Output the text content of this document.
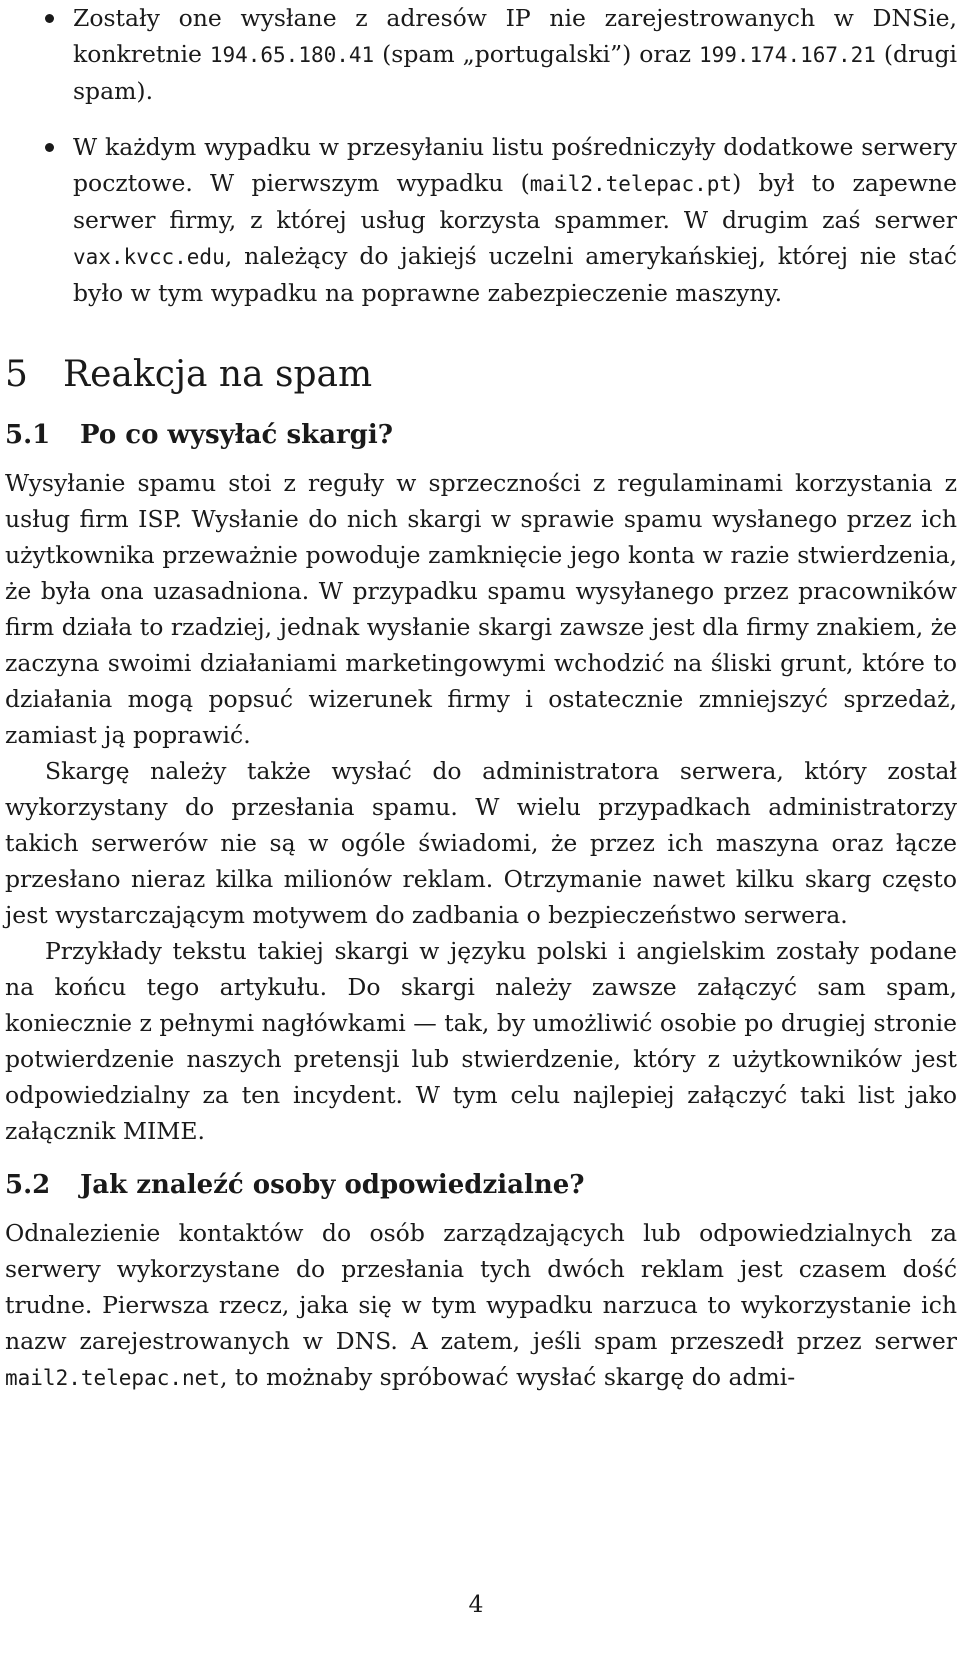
Zostały one wysłane z adresów IP nie zarejestrowanych w DNSie, konkretnie 194.65.180.41 (spam „portugalski”) oraz 199.174.167.21 (drugi spam).
W każdym wypadku w przesyłaniu listu pośredniczyły dodatkowe serwery pocztowe. W pierwszym wypadku (mail2.telepac.pt) był to zapewne serwer firmy, z której usług korzysta spammer. W drugim zaś serwer vax.kvcc.edu, należący do jakiejś uczelni amerykańskiej, której nie stać było w tym wypadku na poprawne zabezpieczenie maszyny.
5 Reakcja na spam
5.1 Po co wysyłać skargi?

Wysyłanie spamu stoi z reguły w sprzeczności z regulaminami korzystania z usług firm ISP. Wysłanie do nich skargi w sprawie spamu wysłanego przez ich użytkownika przeważnie powoduje zamknięcie jego konta w razie stwierdzenia, że była ona uzasadniona. W przypadku spamu wysyłanego przez pracowników firm działa to rzadziej, jednak wysłanie skargi zawsze jest dla firmy znakiem, że zaczyna swoimi działaniami marketingowymi wchodzić na śliski grunt, które to działania mogą popsuć wizerunek firmy i ostatecznie zmniejszyć sprzedaż, zamiast ją poprawić.

Skargę należy także wysłać do administratora serwera, który został wykorzystany do przesłania spamu. W wielu przypadkach administratorzy takich serwerów nie są w ogóle świadomi, że przez ich maszyna oraz łącze przesłano nieraz kilka milionów reklam. Otrzymanie nawet kilku skarg często jest wystarczającym motywem do zadbania o bezpieczeństwo serwera.

Przykłady tekstu takiej skargi w języku polski i angielskim zostały podane na końcu tego artykułu. Do skargi należy zawsze załączyć sam spam, koniecznie z pełnymi nagłówkami — tak, by umożliwić osobie po drugiej stronie potwierdzenie naszych pretensji lub stwierdzenie, który z użytkowników jest odpowiedzialny za ten incydent. W tym celu najlepiej załączyć taki list jako załącznik MIME.

5.2 Jak znaleźć osoby odpowiedzialne?

Odnalezienie kontaktów do osób zarządzających lub odpowiedzialnych za serwery wykorzystane do przesłania tych dwóch reklam jest czasem dość trudne. Pierwsza rzecz, jaka się w tym wypadku narzuca to wykorzystanie ich nazw zarejestrowanych w DNS. A zatem, jeśli spam przeszedł przez serwer mail2.telepac.net, to możnaby spróbować wysłać skargę do admi-

4
